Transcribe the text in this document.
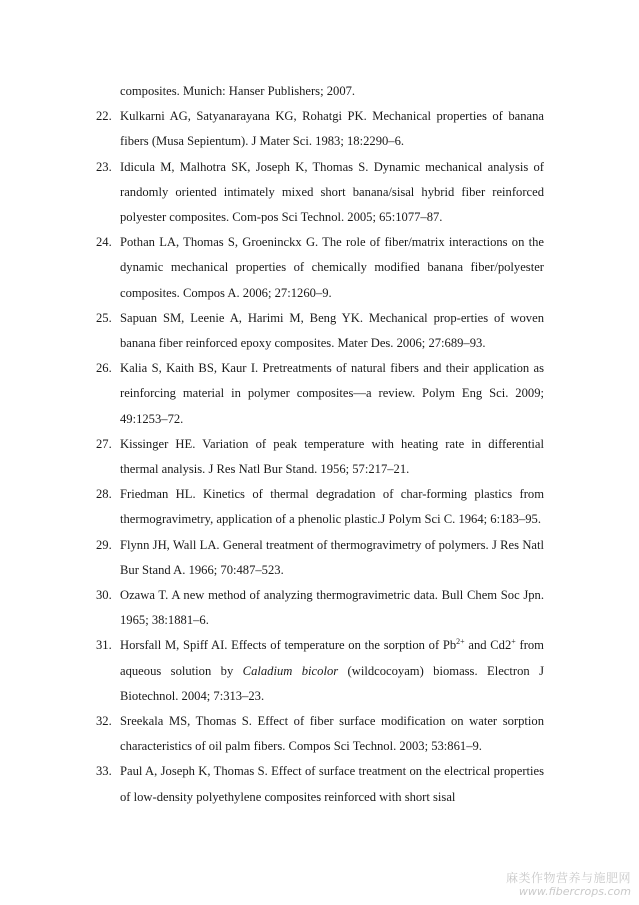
composites. Munich: Hanser Publishers; 2007.

22. Kulkarni AG, Satyanarayana KG, Rohatgi PK. Mechanical properties of banana fibers (Musa Sepientum). J Mater Sci. 1983; 18:2290–6.

23. Idicula M, Malhotra SK, Joseph K, Thomas S. Dynamic mechanical analysis of randomly oriented intimately mixed short banana/sisal hybrid fiber reinforced polyester composites. Com-pos Sci Technol. 2005; 65:1077–87.

24. Pothan LA, Thomas S, Groeninckx G. The role of fiber/matrix interactions on the dynamic mechanical properties of chemically modified banana fiber/polyester composites. Compos A. 2006; 27:1260–9.

25. Sapuan SM, Leenie A, Harimi M, Beng YK. Mechanical prop-erties of woven banana fiber reinforced epoxy composites. Mater Des. 2006; 27:689–93.

26. Kalia S, Kaith BS, Kaur I. Pretreatments of natural fibers and their application as reinforcing material in polymer composites—a review. Polym Eng Sci. 2009; 49:1253–72.

27. Kissinger HE. Variation of peak temperature with heating rate in differential thermal analysis. J Res Natl Bur Stand. 1956; 57:217–21.

28. Friedman HL. Kinetics of thermal degradation of char-forming plastics from thermogravimetry, application of a phenolic plastic.J Polym Sci C. 1964; 6:183–95.

29. Flynn JH, Wall LA. General treatment of thermogravimetry of polymers. J Res Natl Bur Stand A. 1966; 70:487–523.

30. Ozawa T. A new method of analyzing thermogravimetric data. Bull Chem Soc Jpn. 1965; 38:1881–6.

31. Horsfall M, Spiff AI. Effects of temperature on the sorption of $Pb^{2+}$ and Cd2+ from aqueous solution by Caladium bicolor (wildcocoyam) biomass. Electron J Biotechnol. 2004; 7:313–23.

32. Sreekala MS, Thomas S. Effect of fiber surface modification on water sorption characteristics of oil palm fibers. Compos Sci Technol. 2003; 53:861–9.

33. Paul A, Joseph K, Thomas S. Effect of surface treatment on the electrical properties of low-density polyethylene composites reinforced with short sisal

麻类作物营养与施肥网
www.fibercrops.com
